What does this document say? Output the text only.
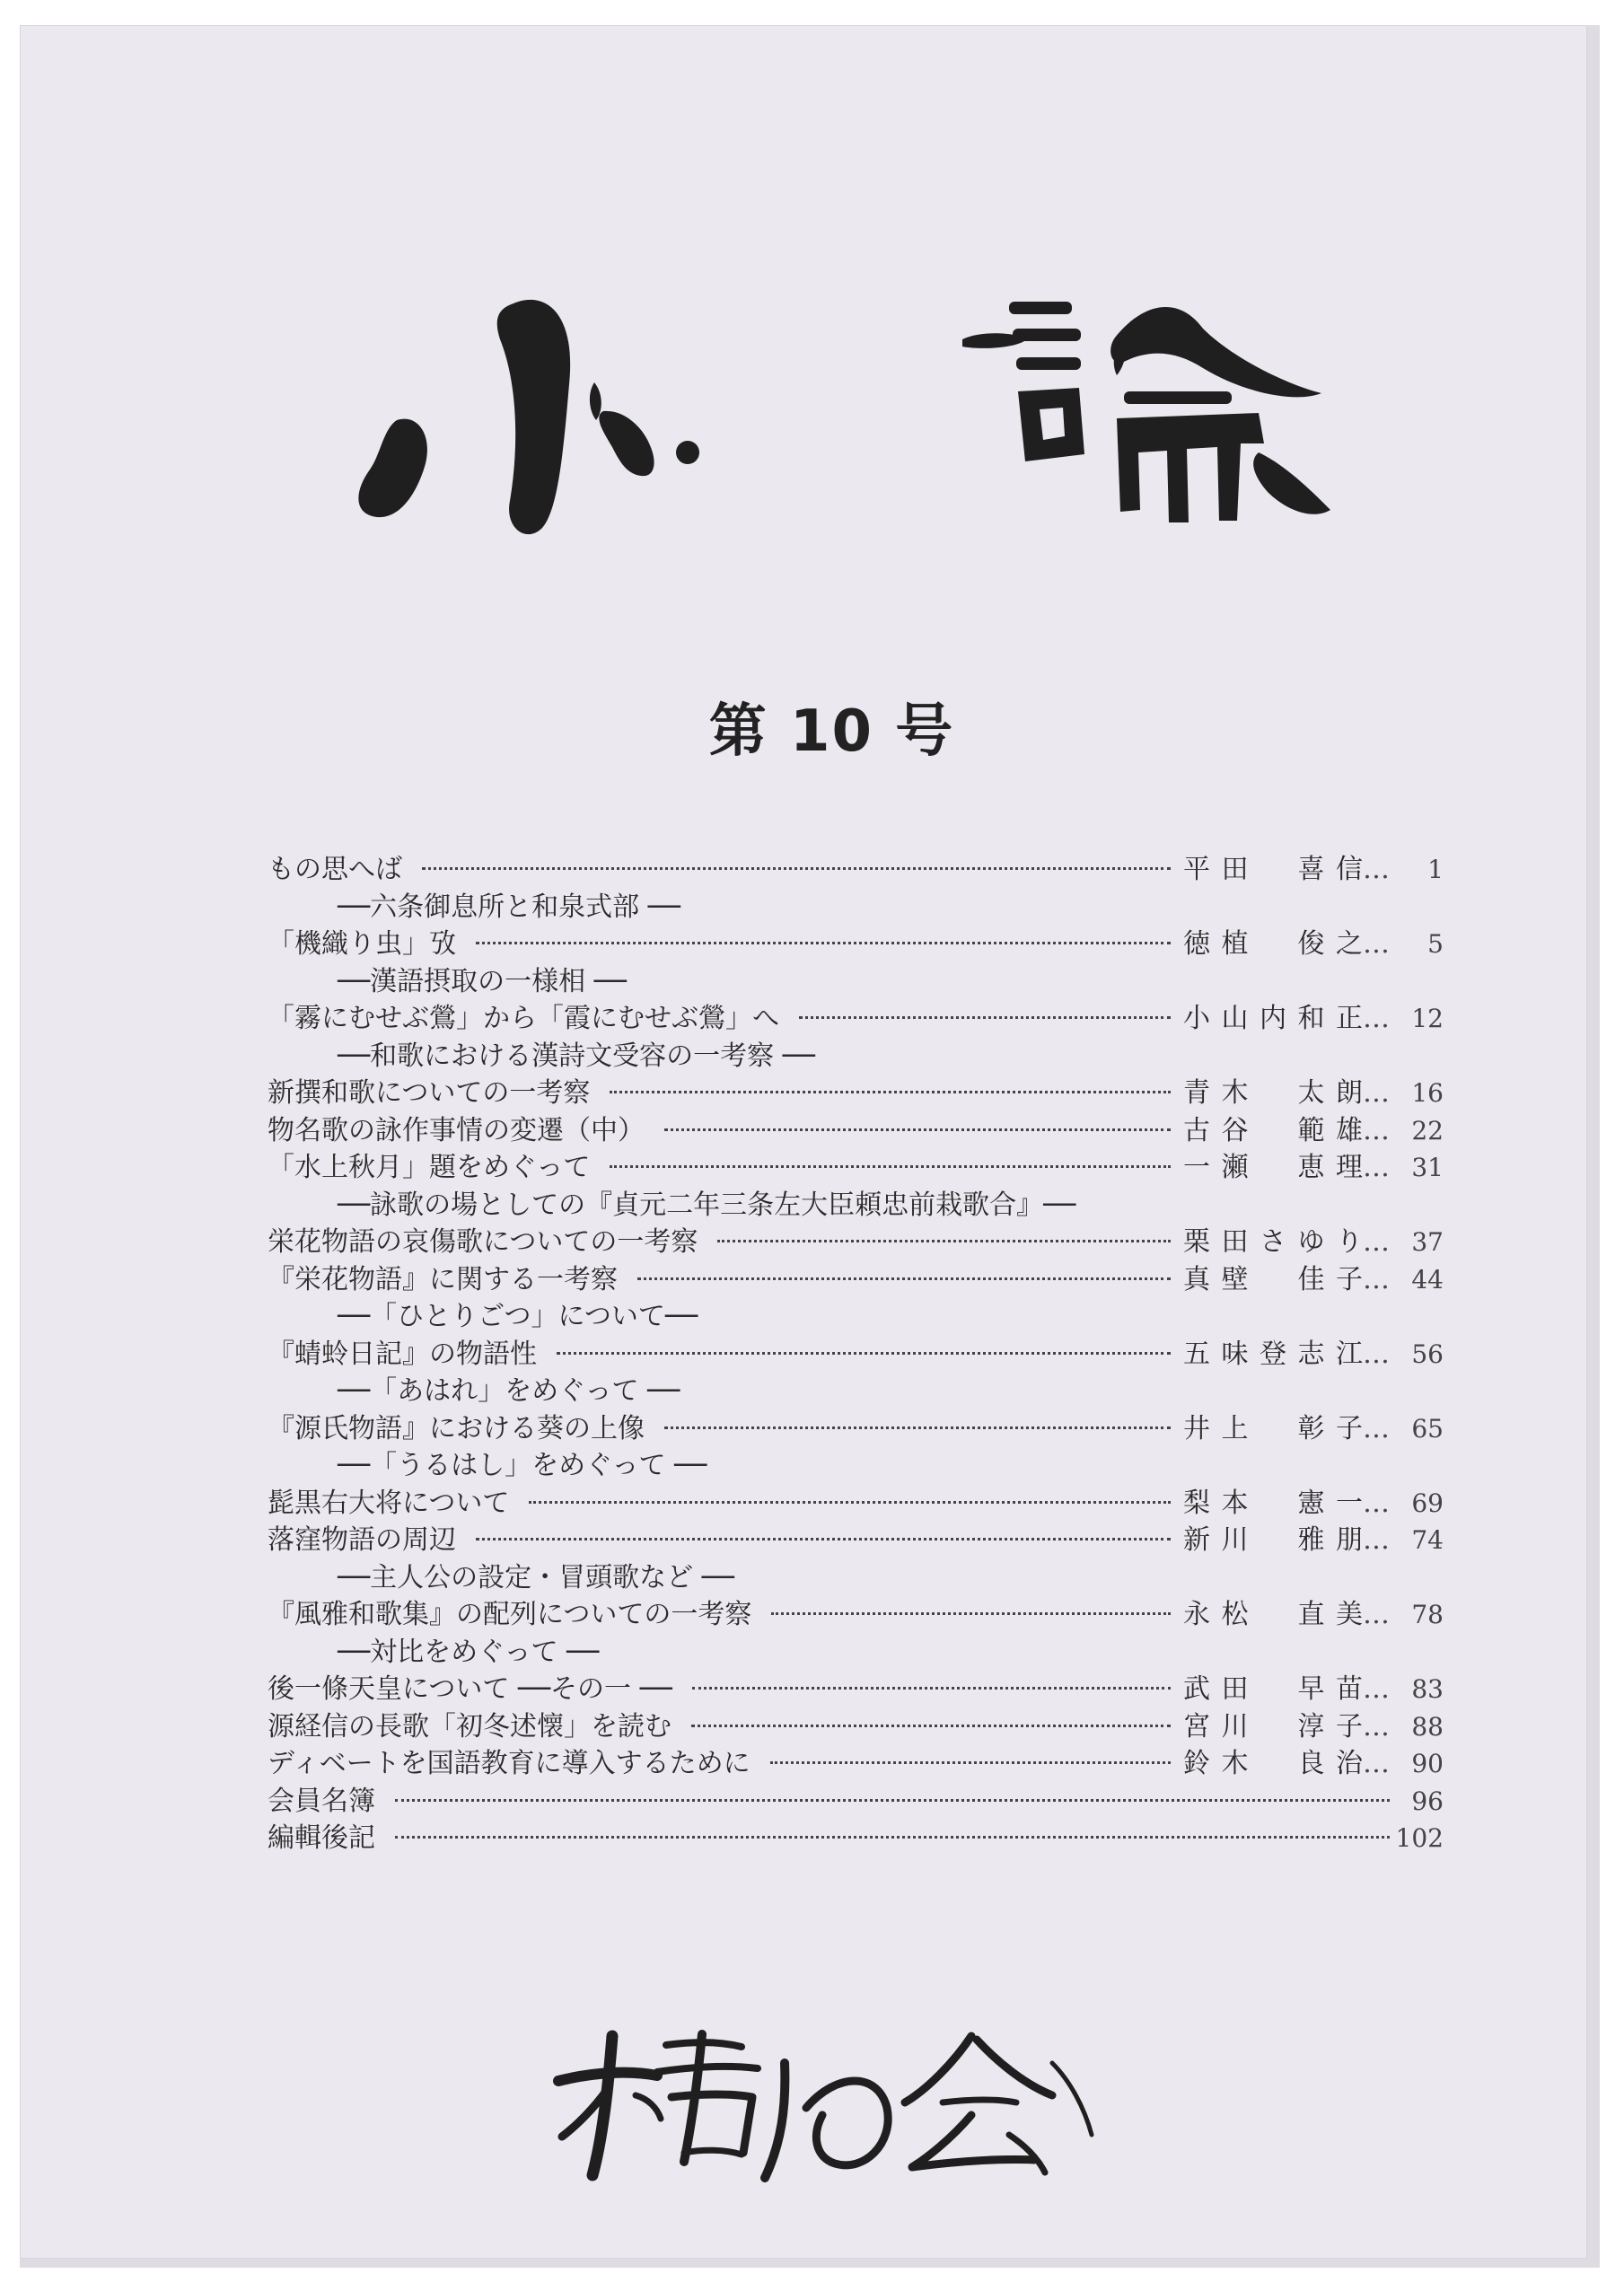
第 10 号
もの思へば	平田　喜信 …	1
──六条御息所と和泉式部 ──
「機織り虫」攷	徳植　俊之 …	5
──漢語摂取の一様相 ──
「霧にむせぶ鶯」から「霞にむせぶ鶯」へ	小山内和正 … 12
──和歌における漢詩文受容の一考察 ──
新撰和歌についての一考察	青木　太朗 … 16
物名歌の詠作事情の変遷（中）	古谷　範雄 … 22
「水上秋月」題をめぐって	一瀬　恵理 … 31
──詠歌の場としての『貞元二年三条左大臣頼忠前栽歌合』──
栄花物語の哀傷歌についての一考察	栗田さゆり … 37
『栄花物語』に関する一考察	真壁　佳子 … 44
──「ひとりごつ」について──
『蜻蛉日記』の物語性	五味登志江 … 56
──「あはれ」をめぐって ──
『源氏物語』における葵の上像	井上　彰子 … 65
──「うるはし」をめぐって ──
髭黒右大将について	梨本　憲一 … 69
落窪物語の周辺	新川　雅朋 … 74
──主人公の設定・冒頭歌など ──
『風雅和歌集』の配列についての一考察	永松　直美 … 78
──対比をめぐって ──
後一條天皇について ──その一 ──	武田　早苗 … 83
源経信の長歌「初冬述懐」を読む	宮川　淳子 … 88
ディベートを国語教育に導入するために	鈴木　良治 … 90
会員名簿	96
編輯後記	102
